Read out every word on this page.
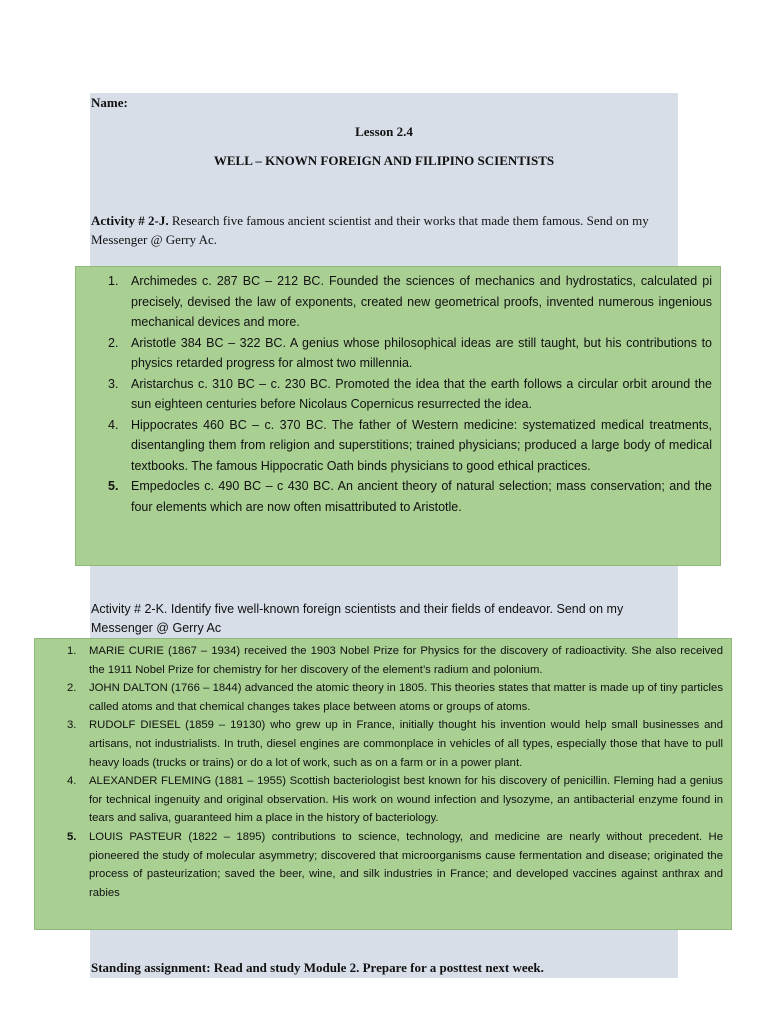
Name:
Lesson 2.4
WELL – KNOWN FOREIGN AND FILIPINO SCIENTISTS
Activity # 2-J. Research five famous ancient scientist and their works that made them famous. Send on my Messenger @ Gerry Ac.
Archimedes c. 287 BC – 212 BC. Founded the sciences of mechanics and hydrostatics, calculated pi precisely, devised the law of exponents, created new geometrical proofs, invented numerous ingenious mechanical devices and more.
Aristotle 384 BC – 322 BC. A genius whose philosophical ideas are still taught, but his contributions to physics retarded progress for almost two millennia.
Aristarchus c. 310 BC – c. 230 BC. Promoted the idea that the earth follows a circular orbit around the sun eighteen centuries before Nicolaus Copernicus resurrected the idea.
Hippocrates 460 BC – c. 370 BC. The father of Western medicine: systematized medical treatments, disentangling them from religion and superstitions; trained physicians; produced a large body of medical textbooks. The famous Hippocratic Oath binds physicians to good ethical practices.
Empedocles c. 490 BC – c 430 BC. An ancient theory of natural selection; mass conservation; and the four elements which are now often misattributed to Aristotle.
Activity # 2-K. Identify five well-known foreign scientists and their fields of endeavor. Send on my Messenger @ Gerry Ac
MARIE CURIE (1867 – 1934) received the 1903 Nobel Prize for Physics for the discovery of radioactivity. She also received the 1911 Nobel Prize for chemistry for her discovery of the element’s radium and polonium.
JOHN DALTON (1766 – 1844) advanced the atomic theory in 1805. This theories states that matter is made up of tiny particles called atoms and that chemical changes takes place between atoms or groups of atoms.
RUDOLF DIESEL (1859 – 19130) who grew up in France, initially thought his invention would help small businesses and artisans, not industrialists. In truth, diesel engines are commonplace in vehicles of all types, especially those that have to pull heavy loads (trucks or trains) or do a lot of work, such as on a farm or in a power plant.
ALEXANDER FLEMING (1881 – 1955) Scottish bacteriologist best known for his discovery of penicillin. Fleming had a genius for technical ingenuity and original observation. His work on wound infection and lysozyme, an antibacterial enzyme found in tears and saliva, guaranteed him a place in the history of bacteriology.
LOUIS PASTEUR (1822 – 1895) contributions to science, technology, and medicine are nearly without precedent. He pioneered the study of molecular asymmetry; discovered that microorganisms cause fermentation and disease; originated the process of pasteurization; saved the beer, wine, and silk industries in France; and developed vaccines against anthrax and rabies
Standing assignment: Read and study Module 2. Prepare for a posttest next week.
